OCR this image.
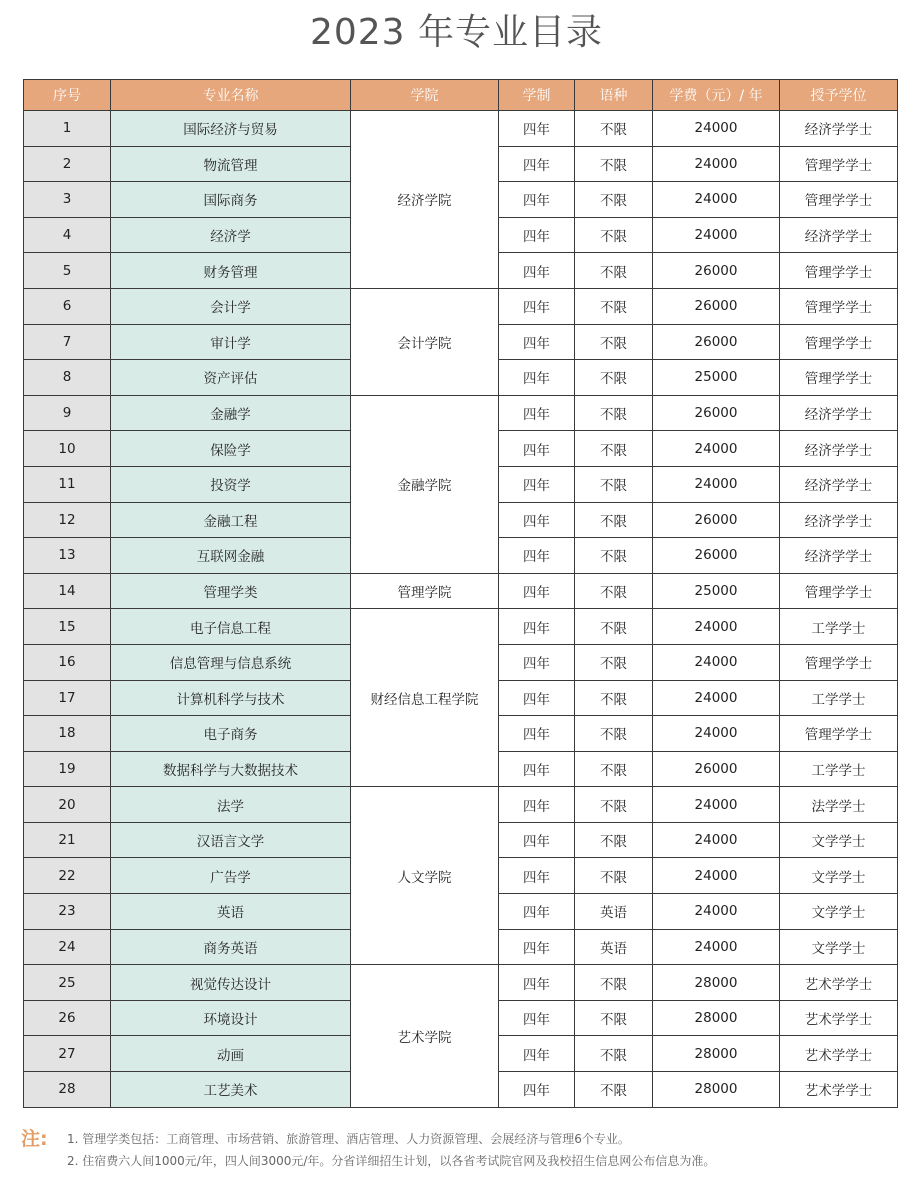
2023 年专业目录
序号	专业名称	学院	学制	语种	学费（元）/ 年	授予学位
1	国际经济与贸易	经济学院	四年	不限	24000	经济学学士
2	物流管理		四年	不限	24000	管理学学士
3	国际商务		四年	不限	24000	管理学学士
4	经济学		四年	不限	24000	经济学学士
5	财务管理		四年	不限	26000	管理学学士
6	会计学	会计学院	四年	不限	26000	管理学学士
7	审计学		四年	不限	26000	管理学学士
8	资产评估		四年	不限	25000	管理学学士
9	金融学	金融学院	四年	不限	26000	经济学学士
10	保险学		四年	不限	24000	经济学学士
11	投资学		四年	不限	24000	经济学学士
12	金融工程		四年	不限	26000	经济学学士
13	互联网金融		四年	不限	26000	经济学学士
14	管理学类	管理学院	四年	不限	25000	管理学学士
15	电子信息工程	财经信息工程学院	四年	不限	24000	工学学士
16	信息管理与信息系统		四年	不限	24000	管理学学士
17	计算机科学与技术		四年	不限	24000	工学学士
18	电子商务		四年	不限	24000	管理学学士
19	数据科学与大数据技术		四年	不限	26000	工学学士
20	法学	人文学院	四年	不限	24000	法学学士
21	汉语言文学		四年	不限	24000	文学学士
22	广告学		四年	不限	24000	文学学士
23	英语		四年	英语	24000	文学学士
24	商务英语		四年	英语	24000	文学学士
25	视觉传达设计	艺术学院	四年	不限	28000	艺术学学士
26	环境设计		四年	不限	28000	艺术学学士
27	动画		四年	不限	28000	艺术学学士
28	工艺美术		四年	不限	28000	艺术学学士
注:	1. 管理学类包括：工商管理、市场营销、旅游管理、酒店管理、人力资源管理、会展经济与管理6个专业。
2. 住宿费六人间1000元/年，四人间3000元/年。分省详细招生计划，以各省考试院官网及我校招生信息网公布信息为准。
